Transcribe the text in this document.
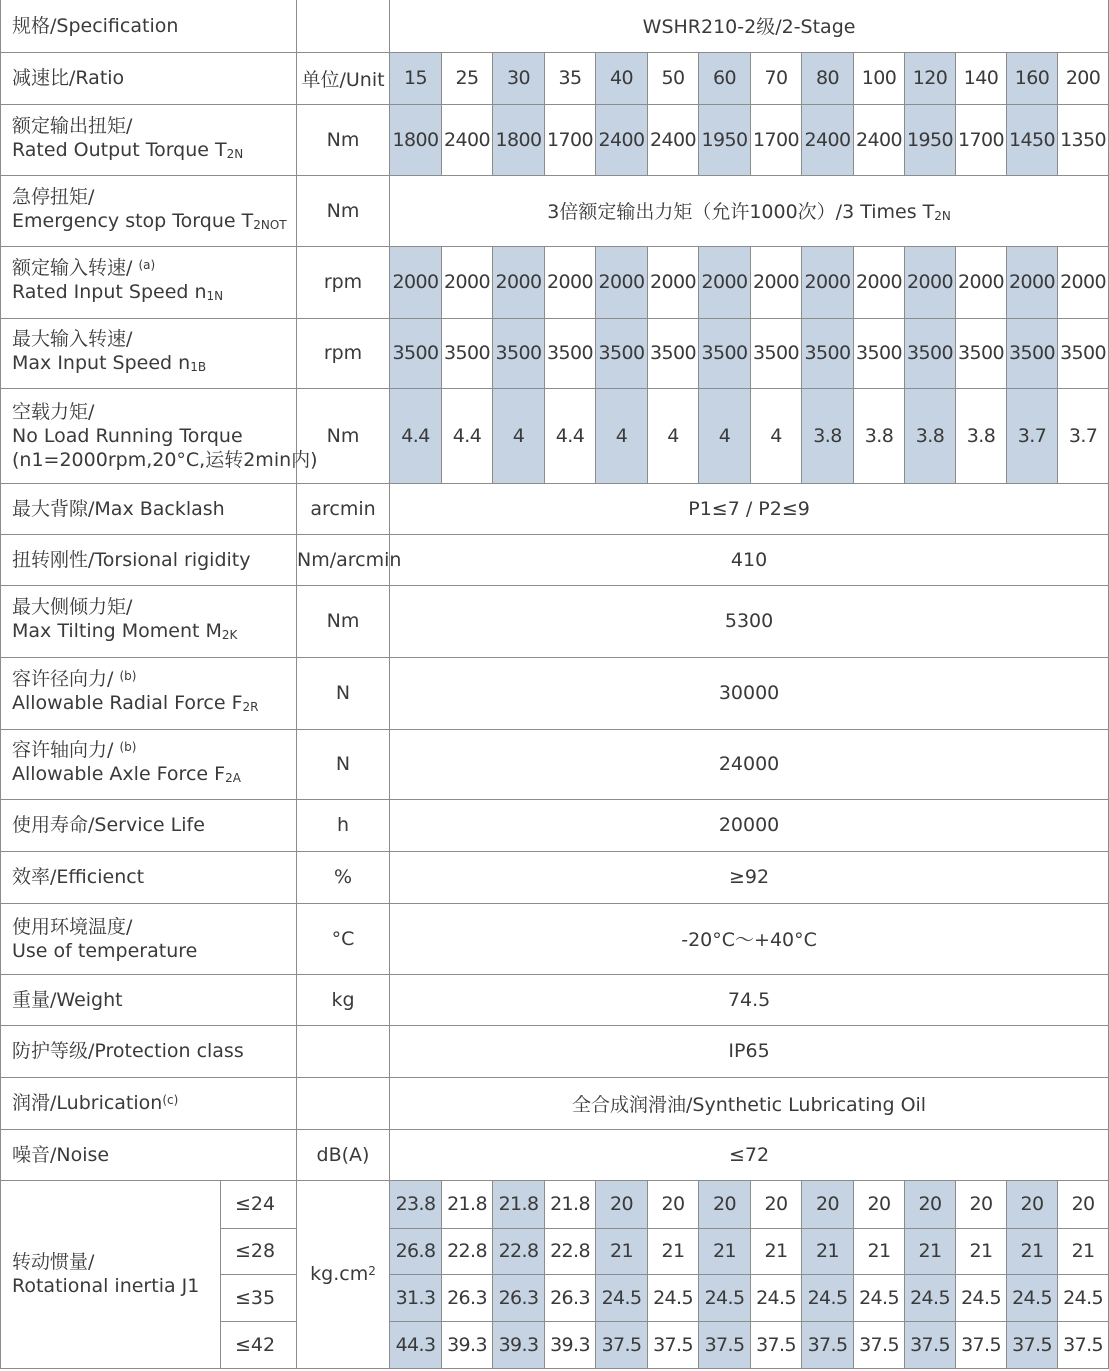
规格/Specification			WSHR210-2级/2-Stage													
减速比/Ratio		单位/Unit	15	25	30	35	40	50	60	70	80	100	120	140	160	200

额定输出扭矩/
Rated Output Torque $T_{2N}$		Nm	1800	2400	1800	1700	2400	2400	1950	1700	2400	2400	1950	1700	1450	1350

急停扭矩/
Emergency stop Torque $T_{2NOT}$		Nm	3倍额定输出力矩（允许1000次）/3 Times $T_{2N}$

额定输入转速/ $^{(a)}$
Rated Input Speed $n_{1N}$		rpm	2000	2000	2000	2000	2000	2000	2000	2000	2000	2000	2000	2000	2000	2000

最大输入转速/
Max Input Speed $n_{1B}$		rpm	3500	3500	3500	3500	3500	3500	3500	3500	3500	3500	3500	3500	3500	3500

空载力矩/
No Load Running Torque
(n1=2000rpm,20°C,运转2min内)		Nm	4.4	4.4	4	4.4	4	4	4	4	3.8	3.8	3.8	3.8	3.7	3.7
最大背隙/Max Backlash		arcmin	P1≤7 / P2≤9													
扭转刚性/Torsional rigidity		Nm/arcmin	410													

最大侧倾力矩/
Max Tilting Moment $M_{2K}$		Nm	5300													

容许径向力/ $^{(b)}$
Allowable Radial Force $F_{2R}$		N	30000													

容许轴向力/ $^{(b)}$
Allowable Axle Force $F_{2A}$		N	24000													
使用寿命/Service Life		h	20000													
效率/Efficienct		%	≥92													

使用环境温度/
Use of temperature		°C	-20°C～+40°C													
重量/Weight		kg	74.5													
防护等级/Protection class			IP65													
润滑/Lubrication$^{(c)}$			全合成润滑油/Synthetic Lubricating Oil													
噪音/Noise		dB(A)	≤72													

转动惯量/
Rotational inertia J1	≤24	$kg.cm^2$	23.8	21.8	21.8	21.8	20	20	20	20	20	20	20	20	20	20
	≤28		26.8	22.8	22.8	22.8	21	21	21	21	21	21	21	21	21	21
	≤35		31.3	26.3	26.3	26.3	24.5	24.5	24.5	24.5	24.5	24.5	24.5	24.5	24.5	24.5
	≤42		44.3	39.3	39.3	39.3	37.5	37.5	37.5	37.5	37.5	37.5	37.5	37.5	37.5	37.5
